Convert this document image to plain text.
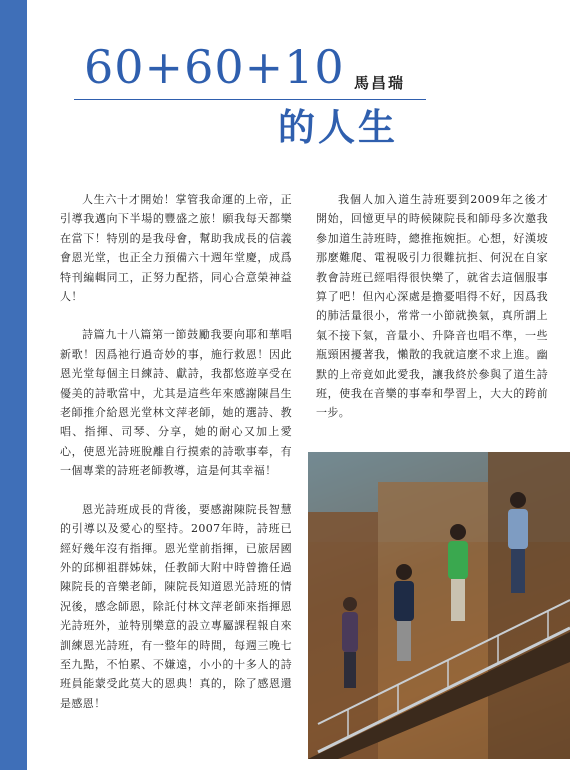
60+60+10 馬昌瑞
的人生

人生六十才開始！掌管我命運的上帝，正引導我邁向下半場的豐盛之旅！願我每天都樂在當下！特別的是我母會，幫助我成長的信義會恩光堂，也正全力預備六十週年堂慶，成爲特刊編輯同工，正努力配搭，同心合意榮神益人！

詩篇九十八篇第一節鼓勵我要向耶和華唱新歌！因爲祂行過奇妙的事，施行救恩！因此恩光堂每個主日練詩、獻詩，我都悠遊享受在優美的詩歌當中，尤其是這些年來感謝陳昌生老師推介給恩光堂林文萍老師，她的選詩、教唱、指揮、司琴、分享，她的耐心又加上愛心，使恩光詩班脫離自行摸索的詩歌事奉，有一個專業的詩班老師教導，這是何其幸福！

恩光詩班成長的背後，要感謝陳院長智慧的引導以及愛心的堅持。2007年時，詩班已經好幾年沒有指揮。恩光堂前指揮，已旅居國外的邱柳祖群姊妹，任教師大附中時曾擔任過陳院長的音樂老師，陳院長知道恩光詩班的情況後，感念師恩，除託付林文萍老師來指揮恩光詩班外，並特別樂意的設立專屬課程報自來訓練恩光詩班，有一整年的時間，每週三晚七至九點，不怕累、不嫌遠，小小的十多人的詩班員能蒙受此莫大的恩典！真的，除了感恩還是感恩！

我個人加入道生詩班要到2009年之後才開始，回憶更早的時候陳院長和師母多次邀我參加道生詩班時，總推拖婉拒。心想，好漢坡那麼難爬、電視吸引力很難抗拒、何況在自家教會詩班已經唱得很快樂了，就省去這個服事算了吧！但內心深處是擔憂唱得不好，因爲我的肺活量很小，常常一小節就換氣，真所謂上氣不接下氣，音量小、升降音也唱不準，一些瓶頸困擾著我，懶散的我就這麼不求上進。幽默的上帝竟如此愛我，讓我終於參與了道生詩班，使我在音樂的事奉和學習上，大大的跨前一步。
